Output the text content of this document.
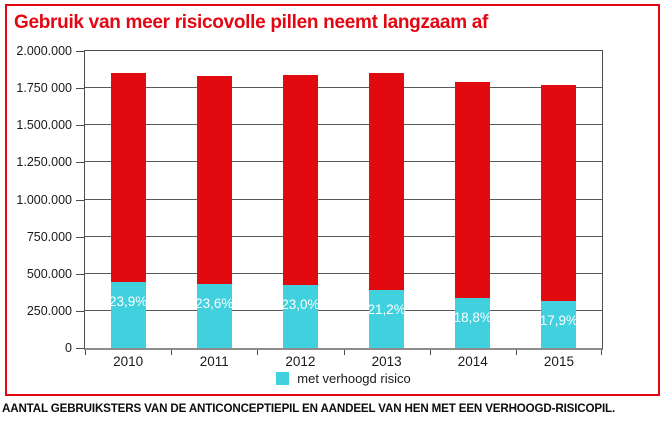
Gebruik van meer risicovolle pillen neemt langzaam af
0
250.000
500.000
750.000
1.000.000
1.250.000
1.500.000
1.750 000
2.000.000
23,9%	23,6%	23,0%	21,2%
18,8%	17,9%
2010	2011	2012	2013	2014	2015
met verhoogd risico
AANTAL GEBRUIKSTERS VAN DE ANTICONCEPTIEPIL EN AANDEEL VAN HEN MET EEN VERHOOGD-RISICOPIL.
